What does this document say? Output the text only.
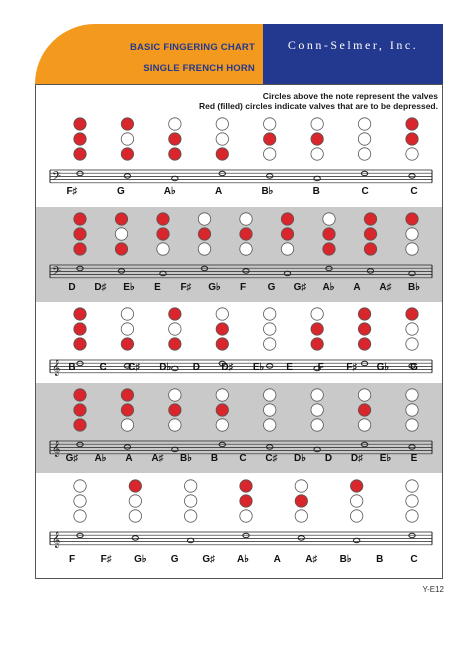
BASIC FINGERING CHART
SINGLE FRENCH HORN
Conn-Selmer, Inc.
Circles above the note represent the valves
Red (filled) circles indicate valves that are to be depressed.
𝄢
F♯	G	A♭	A	B♭	B	C	C
𝄢
D D♯ E♭ E F♯ G♭ F G G♯ A♭ A A♯ B♭
𝄞 B C C♯ D♭ D D♯ E♭ E F F♯ G♭ G
𝄞
G♯ A♭ A A♯ B♭ B C C♯ D♭ D D♯ E♭ E
𝄞
F	F♯ G♭ G G♯ A♭ A A♯ B♭ B	C
Y-E12
